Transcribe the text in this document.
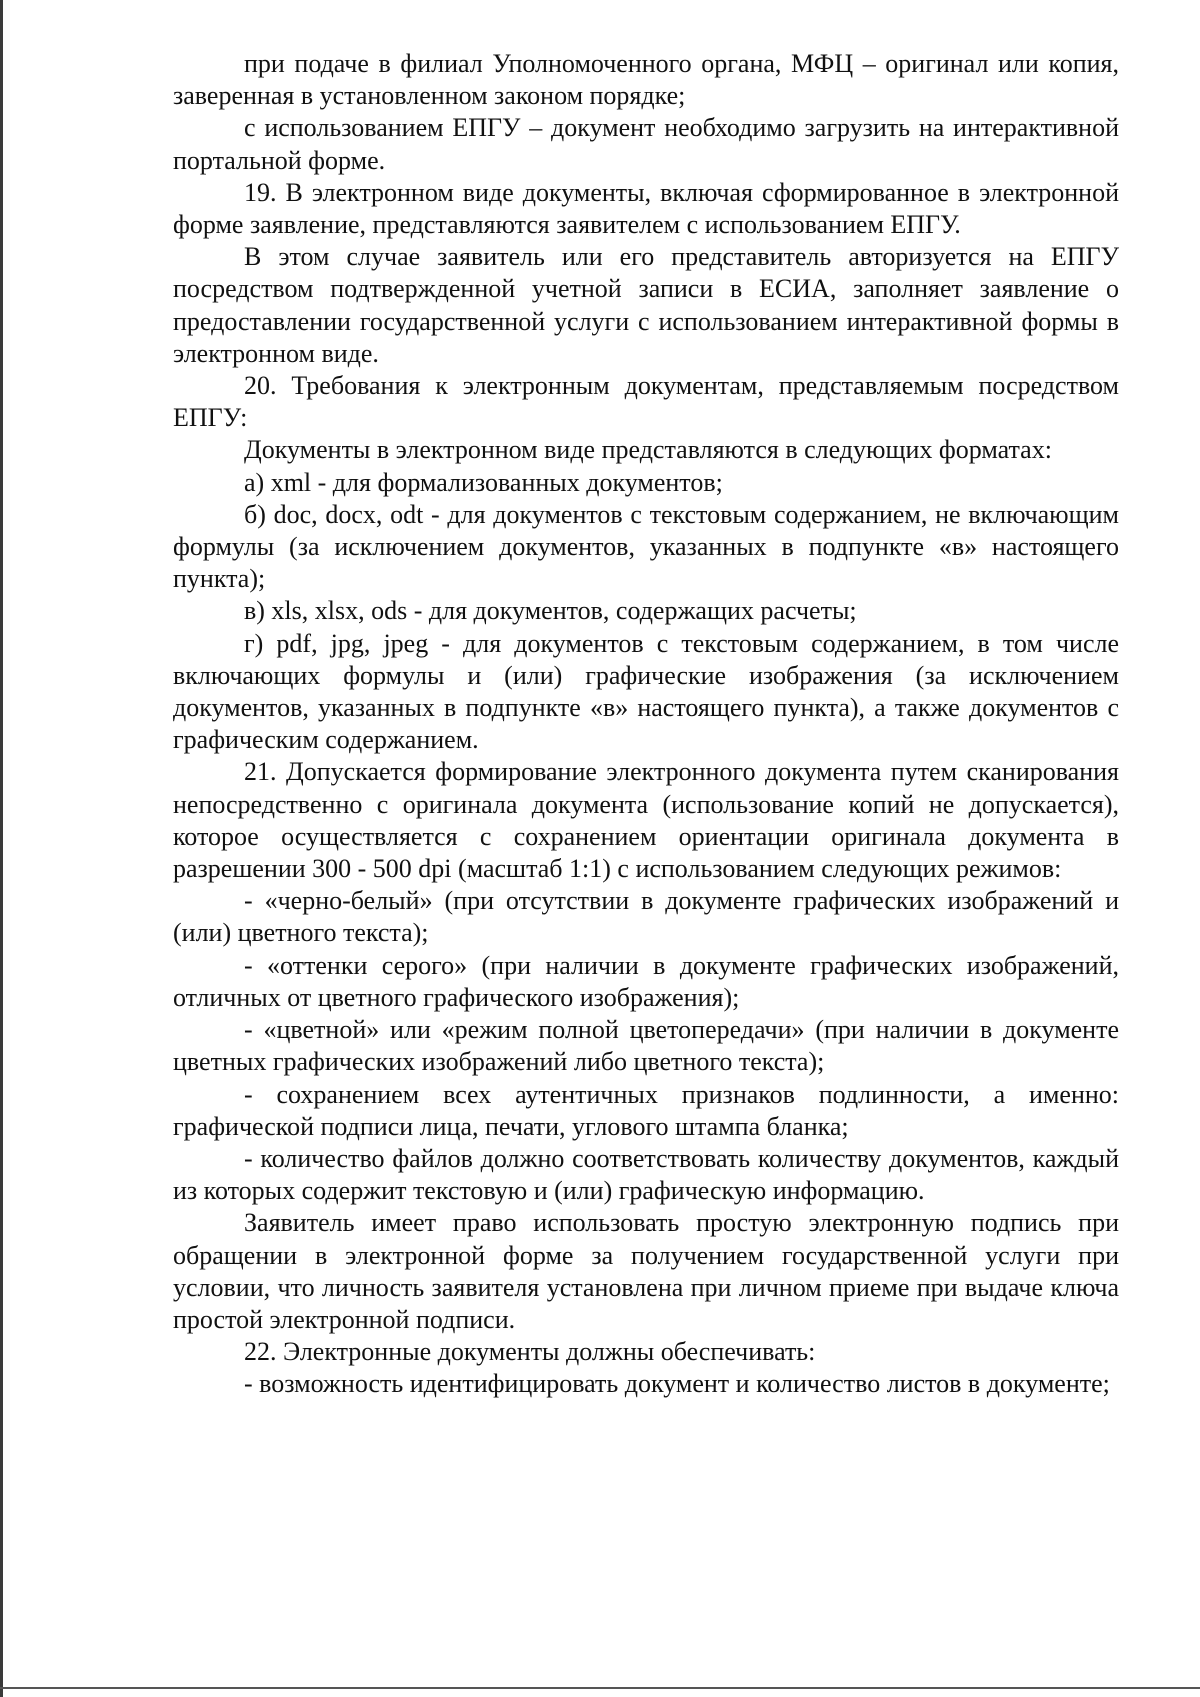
при подаче в филиал Уполномоченного органа, МФЦ – оригинал или копия, заверенная в установленном законом порядке;

с использованием ЕПГУ – документ необходимо загрузить на интерактивной портальной форме.

19. В электронном виде документы, включая сформированное в электронной форме заявление, представляются заявителем с использованием ЕПГУ.

В этом случае заявитель или его представитель авторизуется на ЕПГУ посредством подтвержденной учетной записи в ЕСИА, заполняет заявление о предоставлении государственной услуги с использованием интерактивной формы в электронном виде.

20. Требования к электронным документам, представляемым посредством ЕПГУ:

Документы в электронном виде представляются в следующих форматах:

а) xml - для формализованных документов;

б) doc, docx, odt - для документов с текстовым содержанием, не включающим формулы (за исключением документов, указанных в подпункте «в» настоящего пункта);

в) xls, xlsx, ods - для документов, содержащих расчеты;

г) pdf, jpg, jpeg - для документов с текстовым содержанием, в том числе включающих формулы и (или) графические изображения (за исключением документов, указанных в подпункте «в» настоящего пункта), а также документов с графическим содержанием.

21. Допускается формирование электронного документа путем сканирования непосредственно с оригинала документа (использование копий не допускается), которое осуществляется с сохранением ориентации оригинала документа в разрешении 300 - 500 dpi (масштаб 1:1) с использованием следующих режимов:

- «черно-белый» (при отсутствии в документе графических изображений и (или) цветного текста);

- «оттенки серого» (при наличии в документе графических изображений, отличных от цветного графического изображения);

- «цветной» или «режим полной цветопередачи» (при наличии в документе цветных графических изображений либо цветного текста);

- сохранением всех аутентичных признаков подлинности, а именно: графической подписи лица, печати, углового штампа бланка;

- количество файлов должно соответствовать количеству документов, каждый из которых содержит текстовую и (или) графическую информацию.

Заявитель имеет право использовать простую электронную подпись при обращении в электронной форме за получением государственной услуги при условии, что личность заявителя установлена при личном приеме при выдаче ключа простой электронной подписи.

22. Электронные документы должны обеспечивать:

- возможность идентифицировать документ и количество листов в документе;
